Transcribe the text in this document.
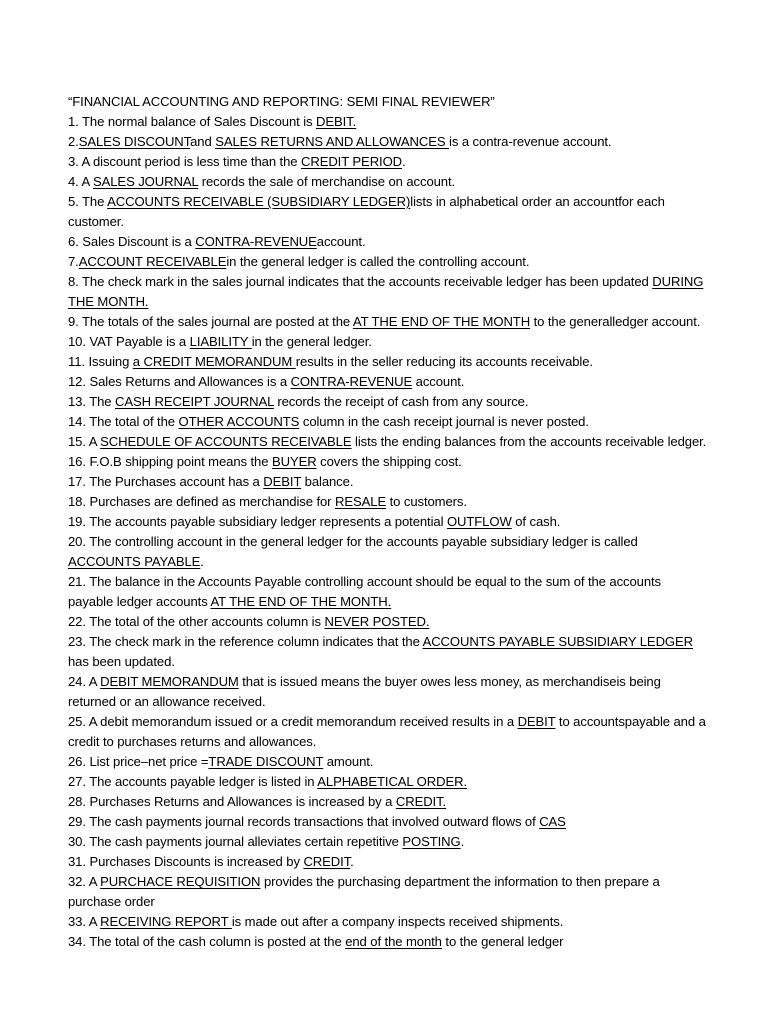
“FINANCIAL ACCOUNTING AND REPORTING: SEMI FINAL REVIEWER”

1. The normal balance of Sales Discount is DEBIT.

2.SALES DISCOUNTand SALES RETURNS AND ALLOWANCES is a contra-revenue account.

3. A discount period is less time than the CREDIT PERIOD.

4. A SALES JOURNAL records the sale of merchandise on account.

5. The ACCOUNTS RECEIVABLE (SUBSIDIARY LEDGER)lists in alphabetical order an accountfor each customer.

6. Sales Discount is a CONTRA-REVENUEaccount.

7.ACCOUNT RECEIVABLEin the general ledger is called the controlling account.

8. The check mark in the sales journal indicates that the accounts receivable ledger has been updated DURING THE MONTH.

9. The totals of the sales journal are posted at the AT THE END OF THE MONTH to the generalledger account.

10. VAT Payable is a LIABILITY in the general ledger.

11. Issuing a CREDIT MEMORANDUM results in the seller reducing its accounts receivable.

12. Sales Returns and Allowances is a CONTRA-REVENUE account.

13. The CASH RECEIPT JOURNAL records the receipt of cash from any source.

14. The total of the OTHER ACCOUNTS column in the cash receipt journal is never posted.

15. A SCHEDULE OF ACCOUNTS RECEIVABLE lists the ending balances from the accounts receivable ledger.

16. F.O.B shipping point means the BUYER covers the shipping cost.

17. The Purchases account has a DEBIT balance.

18. Purchases are defined as merchandise for RESALE to customers.

19. The accounts payable subsidiary ledger represents a potential OUTFLOW of cash.

20. The controlling account in the general ledger for the accounts payable subsidiary ledger is called ACCOUNTS PAYABLE.

21. The balance in the Accounts Payable controlling account should be equal to the sum of the accounts payable ledger accounts AT THE END OF THE MONTH.

22. The total of the other accounts column is NEVER POSTED.

23. The check mark in the reference column indicates that the ACCOUNTS PAYABLE SUBSIDIARY LEDGER has been updated.

24. A DEBIT MEMORANDUM that is issued means the buyer owes less money, as merchandiseis being returned or an allowance received.

25. A debit memorandum issued or a credit memorandum received results in a DEBIT to accountspayable and a credit to purchases returns and allowances.

26. List price–net price =TRADE DISCOUNT amount.

27. The accounts payable ledger is listed in ALPHABETICAL ORDER.

28. Purchases Returns and Allowances is increased by a CREDIT.

29. The cash payments journal records transactions that involved outward flows of CAS

30. The cash payments journal alleviates certain repetitive POSTING.

31. Purchases Discounts is increased by CREDIT.

32. A PURCHACE REQUISITION provides the purchasing department the information to then prepare a purchase order

33. A RECEIVING REPORT is made out after a company inspects received shipments.

34. The total of the cash column is posted at the end of the month to the general ledger
